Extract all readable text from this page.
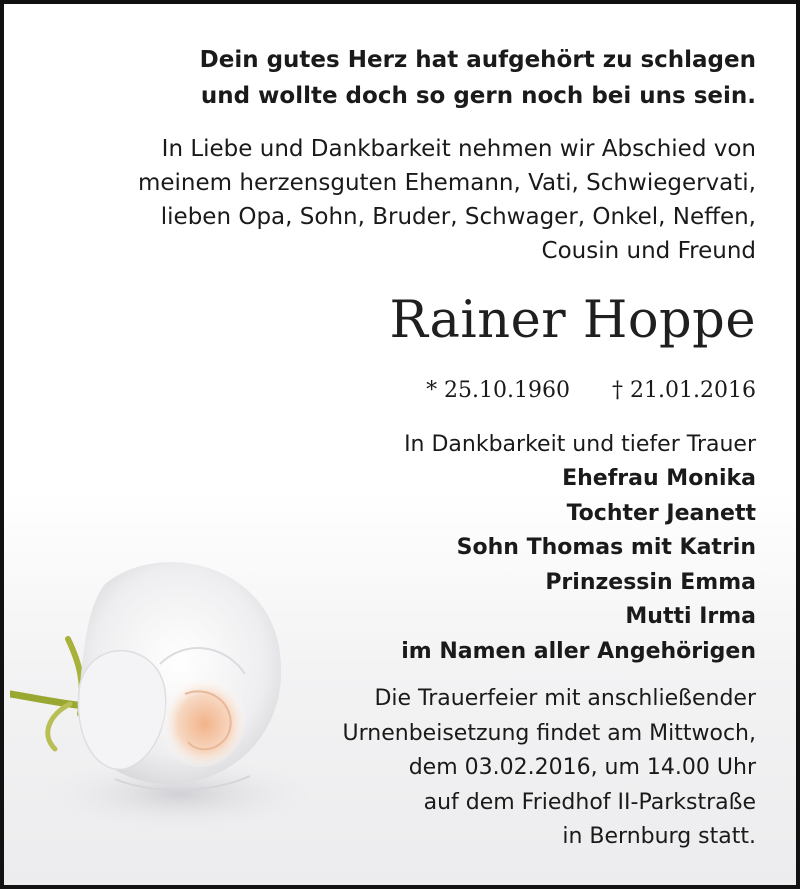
Dein gutes Herz hat aufgehört zu schlagen
und wollte doch so gern noch bei uns sein.
In Liebe und Dankbarkeit nehmen wir Abschied von
meinem herzensguten Ehemann, Vati, Schwiegervati,
lieben Opa, Sohn, Bruder, Schwager, Onkel, Neffen,
Cousin und Freund
Rainer Hoppe
* 25.10.1960 † 21.01.2016
In Dankbarkeit und tiefer Trauer
Ehefrau Monika
Tochter Jeanett
Sohn Thomas mit Katrin
Prinzessin Emma
Mutti Irma
im Namen aller Angehörigen
Die Trauerfeier mit anschließender
Urnenbeisetzung findet am Mittwoch,
dem 03.02.2016, um 14.00 Uhr
auf dem Friedhof II-Parkstraße
in Bernburg statt.
